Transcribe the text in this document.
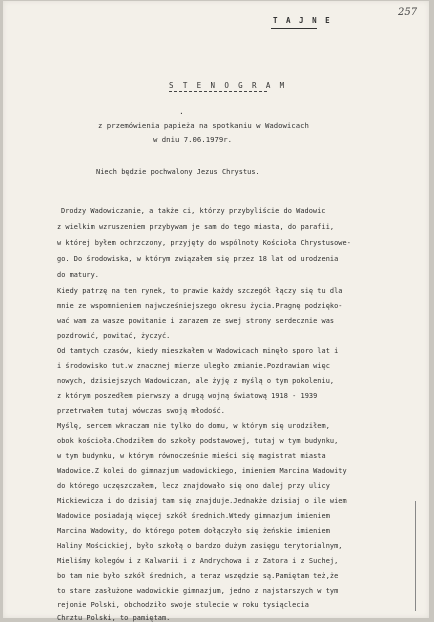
T A J N E
257
S T E N O G R A M
·
z przemówienia papieża na spotkaniu w Wadowicach
w dniu 7.06.1979r.
Niech będzie pochwalony Jezus Chrystus.
Drodzy Wadowiczanie, a także ci, którzy przybyliście do Wadowic
z wielkim wzruszeniem przybywam je sam do tego miasta, do parafii,
w której byłem ochrzczony, przyjęty do wspólnoty Kościoła Chrystusowe-
go. Do środowiska, w którym związałem się przez 18 lat od urodzenia
do matury.
Kiedy patrzę na ten rynek, to prawie każdy szczegół łączy się tu dla
mnie ze wspomnieniem najwcześniejszego okresu życia.Pragnę podzięko-
wać wam za wasze powitanie i zarazem ze swej strony serdecznie was
pozdrowić, powitać, życzyć.
Od tamtych czasów, kiedy mieszkałem w Wadowicach minęło sporo lat i
i środowisko tut.w znacznej mierze uległo zmianie.Pozdrawiam więc
nowych, dzisiejszych Wadowiczan, ale żyję z myślą o tym pokoleniu,
z którym poszedłem pierwszy a drugą wojną światową 1918 - 1939
przetrwałem tutaj wówczas swoją młodość.
Myślę, sercem wkraczam nie tylko do domu, w którym się urodziłem,
obok kościoła.Chodziłem do szkoły podstawowej, tutaj w tym budynku,
w tym budynku, w którym równocześnie mieści się magistrat miasta
Wadowice.Z kolei do gimnazjum wadowickiego, imieniem Marcina Wadowity
do którego uczęszczałem, lecz znajdowało się ono dalej przy ulicy
Mickiewicza i do dzisiaj tam się znajduje.Jednakże dzisiaj o ile wiem
Wadowice posiadają więcej szkół średnich.Wtedy gimnazjum imieniem
Marcina Wadowity, do którego potem dołączyło się żeńskie imieniem
Haliny Mościckiej, było szkołą o bardzo dużym zasięgu terytorialnym,
Mieliśmy kolegów i z Kalwarii i z Andrychowa i z Zatora i z Suchej,
bo tam nie było szkół średnich, a teraz wszędzie są.Pamiętam też,że
to stare zasłużone wadowickie gimnazjum, jedno z najstarszych w tym
rejonie Polski, obchodziło swoje stulecie w roku tysiąclecia
Chrztu Polski, to pamiętam.
